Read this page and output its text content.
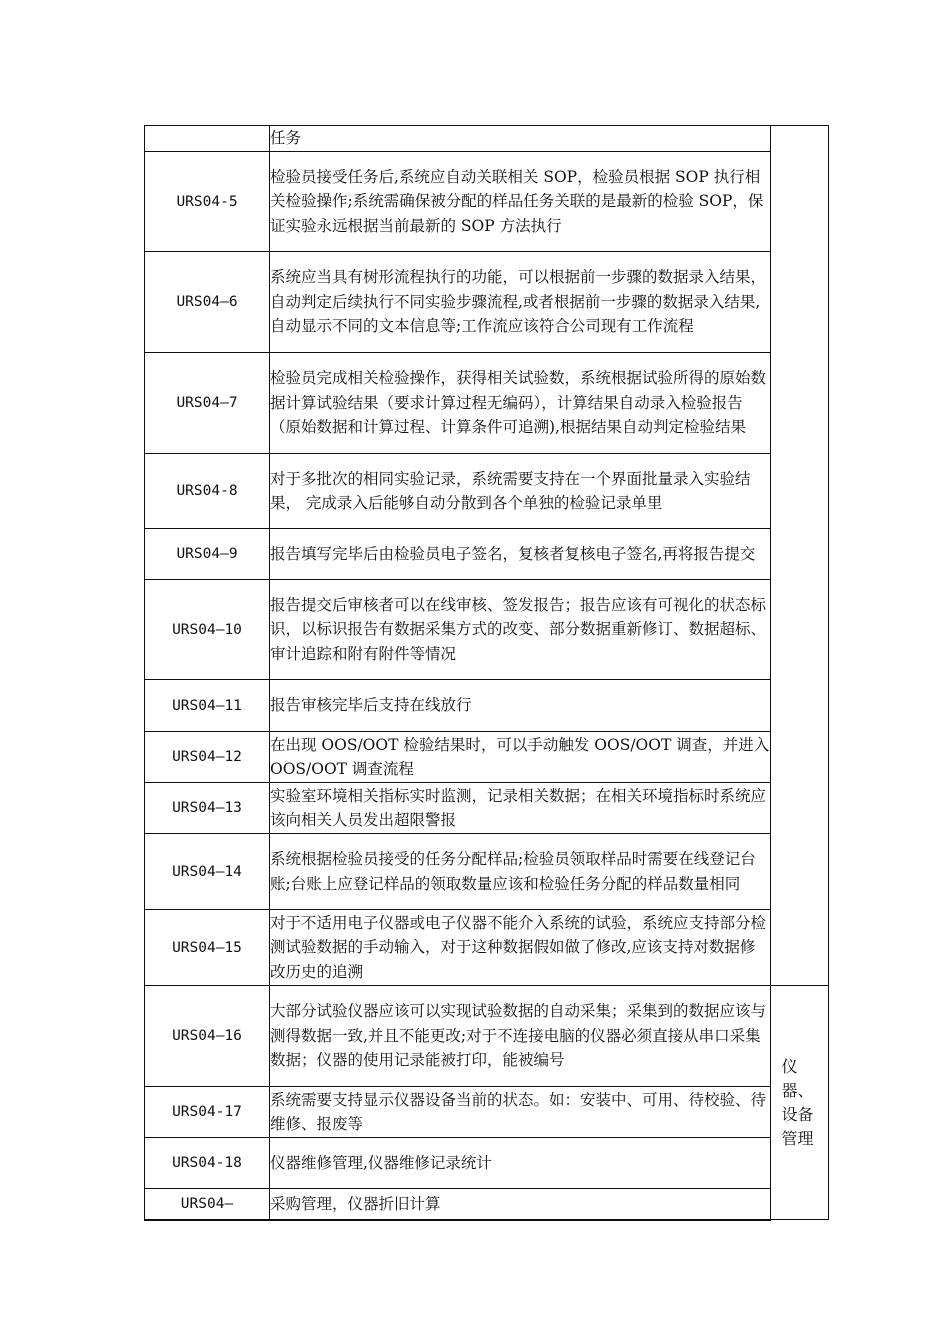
	任务	
URS04-5	检验员接受任务后,系统应自动关联相关 SOP，检验员根据 SOP 执行相关检验操作;系统需确保被分配的样品任务关联的是最新的检验 SOP，保证实验永远根据当前最新的 SOP 方法执行	
URS04—6	系统应当具有树形流程执行的功能，可以根据前一步骤的数据录入结果，自动判定后续执行不同实验步骤流程,或者根据前一步骤的数据录入结果,自动显示不同的文本信息等;工作流应该符合公司现有工作流程	
URS04—7	检验员完成相关检验操作，获得相关试验数，系统根据试验所得的原始数据计算试验结果（要求计算过程无编码），计算结果自动录入检验报告（原始数据和计算过程、计算条件可追溯),根据结果自动判定检验结果	
URS04-8	对于多批次的相同实验记录，系统需要支持在一个界面批量录入实验结果， 完成录入后能够自动分散到各个单独的检验记录单里	
URS04—9	报告填写完毕后由检验员电子签名，复核者复核电子签名,再将报告提交	
URS04—10	报告提交后审核者可以在线审核、签发报告；报告应该有可视化的状态标识，以标识报告有数据采集方式的改变、部分数据重新修订、数据超标、审计追踪和附有附件等情况	
URS04—11	报告审核完毕后支持在线放行	
URS04—12	在出现 OOS/OOT 检验结果时，可以手动触发 OOS/OOT 调查，并进入 OOS/OOT 调查流程	
URS04—13	实验室环境相关指标实时监测，记录相关数据；在相关环境指标时系统应该向相关人员发出超限警报	
URS04—14	系统根据检验员接受的任务分配样品;检验员领取样品时需要在线登记台账;台账上应登记样品的领取数量应该和检验任务分配的样品数量相同	
URS04—15	对于不适用电子仪器或电子仪器不能介入系统的试验，系统应支持部分检测试验数据的手动输入，对于这种数据假如做了修改,应该支持对数据修改历史的追溯	
URS04—16	大部分试验仪器应该可以实现试验数据的自动采集；采集到的数据应该与测得数据一致,并且不能更改;对于不连接电脑的仪器必须直接从串口采集数据；仪器的使用记录能被打印，能被编号	仪器、设备管理
URS04-17	系统需要支持显示仪器设备当前的状态。如：安装中、可用、待校验、待维修、报废等	
URS04-18	仪器维修管理,仪器维修记录统计	
URS04—	采购管理，仪器折旧计算	
